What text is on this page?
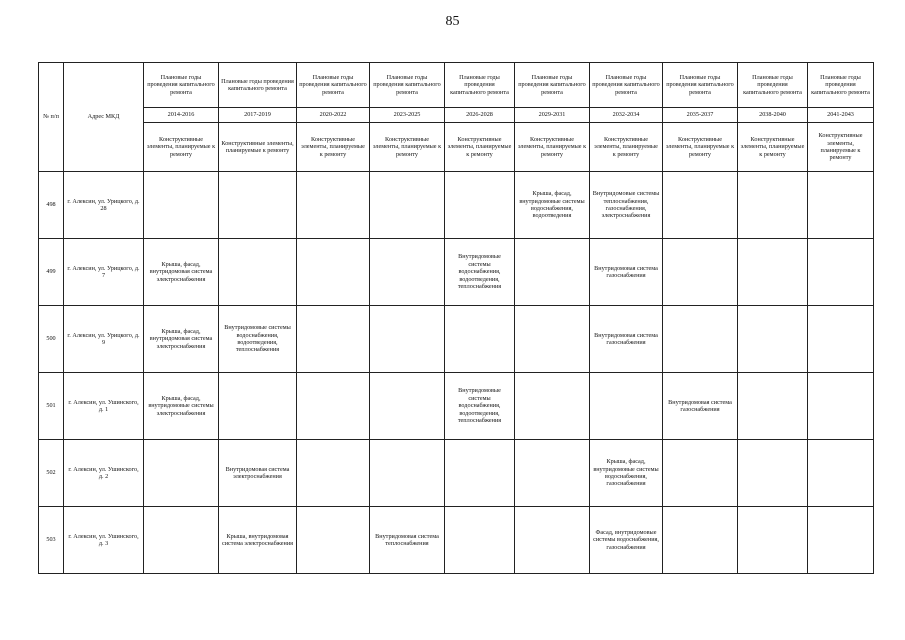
85
№ п/п	Адрес МКД	Плановые годы проведения капитального ремонта	Плановые годы проведения капитального ремонта	Плановые годы проведения капитального ремонта	Плановые годы проведения капитального ремонта	Плановые годы проведения капитального ремонта	Плановые годы проведения капитального ремонта	Плановые годы проведения капитального ремонта	Плановые годы проведения капитального ремонта	Плановые годы проведения капитального ремонта	Плановые годы проведения капитального ремонта
		2014-2016	2017-2019	2020-2022	2023-2025	2026-2028	2029-2031	2032-2034	2035-2037	2038-2040	2041-2043
		Конструктивные элементы, планируемые к ремонту	Конструктивные элементы, планируемые к ремонту	Конструктивные элементы, планируемые к ремонту	Конструктивные элементы, планируемые к ремонту	Конструктивные элементы, планируемые к ремонту	Конструктивные элементы, планируемые к ремонту	Конструктивные элементы, планируемые к ремонту	Конструктивные элементы, планируемые к ремонту	Конструктивные элементы, планируемые к ремонту	Конструктивные элементы, планируемые к ремонту
498	г. Алексин, ул. Урицкого, д. 28						Крыша, фасад, внутридомовые системы водоснабжения, водоотведения	Внутридомовые системы теплоснабжения, газоснабжения, электроснабжения			
499	г. Алексин, ул. Урицкого, д. 7	Крыша, фасад, внутридомовая система электроснабжения				Внутридомовые системы водоснабжения, водоотведения, теплоснабжения		Внутридомовая система газоснабжения			
500	г. Алексин, ул. Урицкого, д. 9	Крыша, фасад, внутридомовая система электроснабжения	Внутридомовые системы водоснабжения, водоотведения, теплоснабжения					Внутридомовая система газоснабжения			
501	г. Алексин, ул. Ушинского, д. 1	Крыша, фасад, внутридомовые системы электроснабжения				Внутридомовые системы водоснабжения, водоотведения, теплоснабжения			Внутридомовая система газоснабжения		
502	г. Алексин, ул. Ушинского, д. 2		Внутридомовая система электроснабжения					Крыша, фасад, внутридомовые системы водоснабжения, газоснабжения			
503	г. Алексин, ул. Ушинского, д. 3		Крыша, внутридомовая система электроснабжения		Внутридомовая система теплоснабжения			Фасад, внутридомовые системы водоснабжения, газоснабжения			
